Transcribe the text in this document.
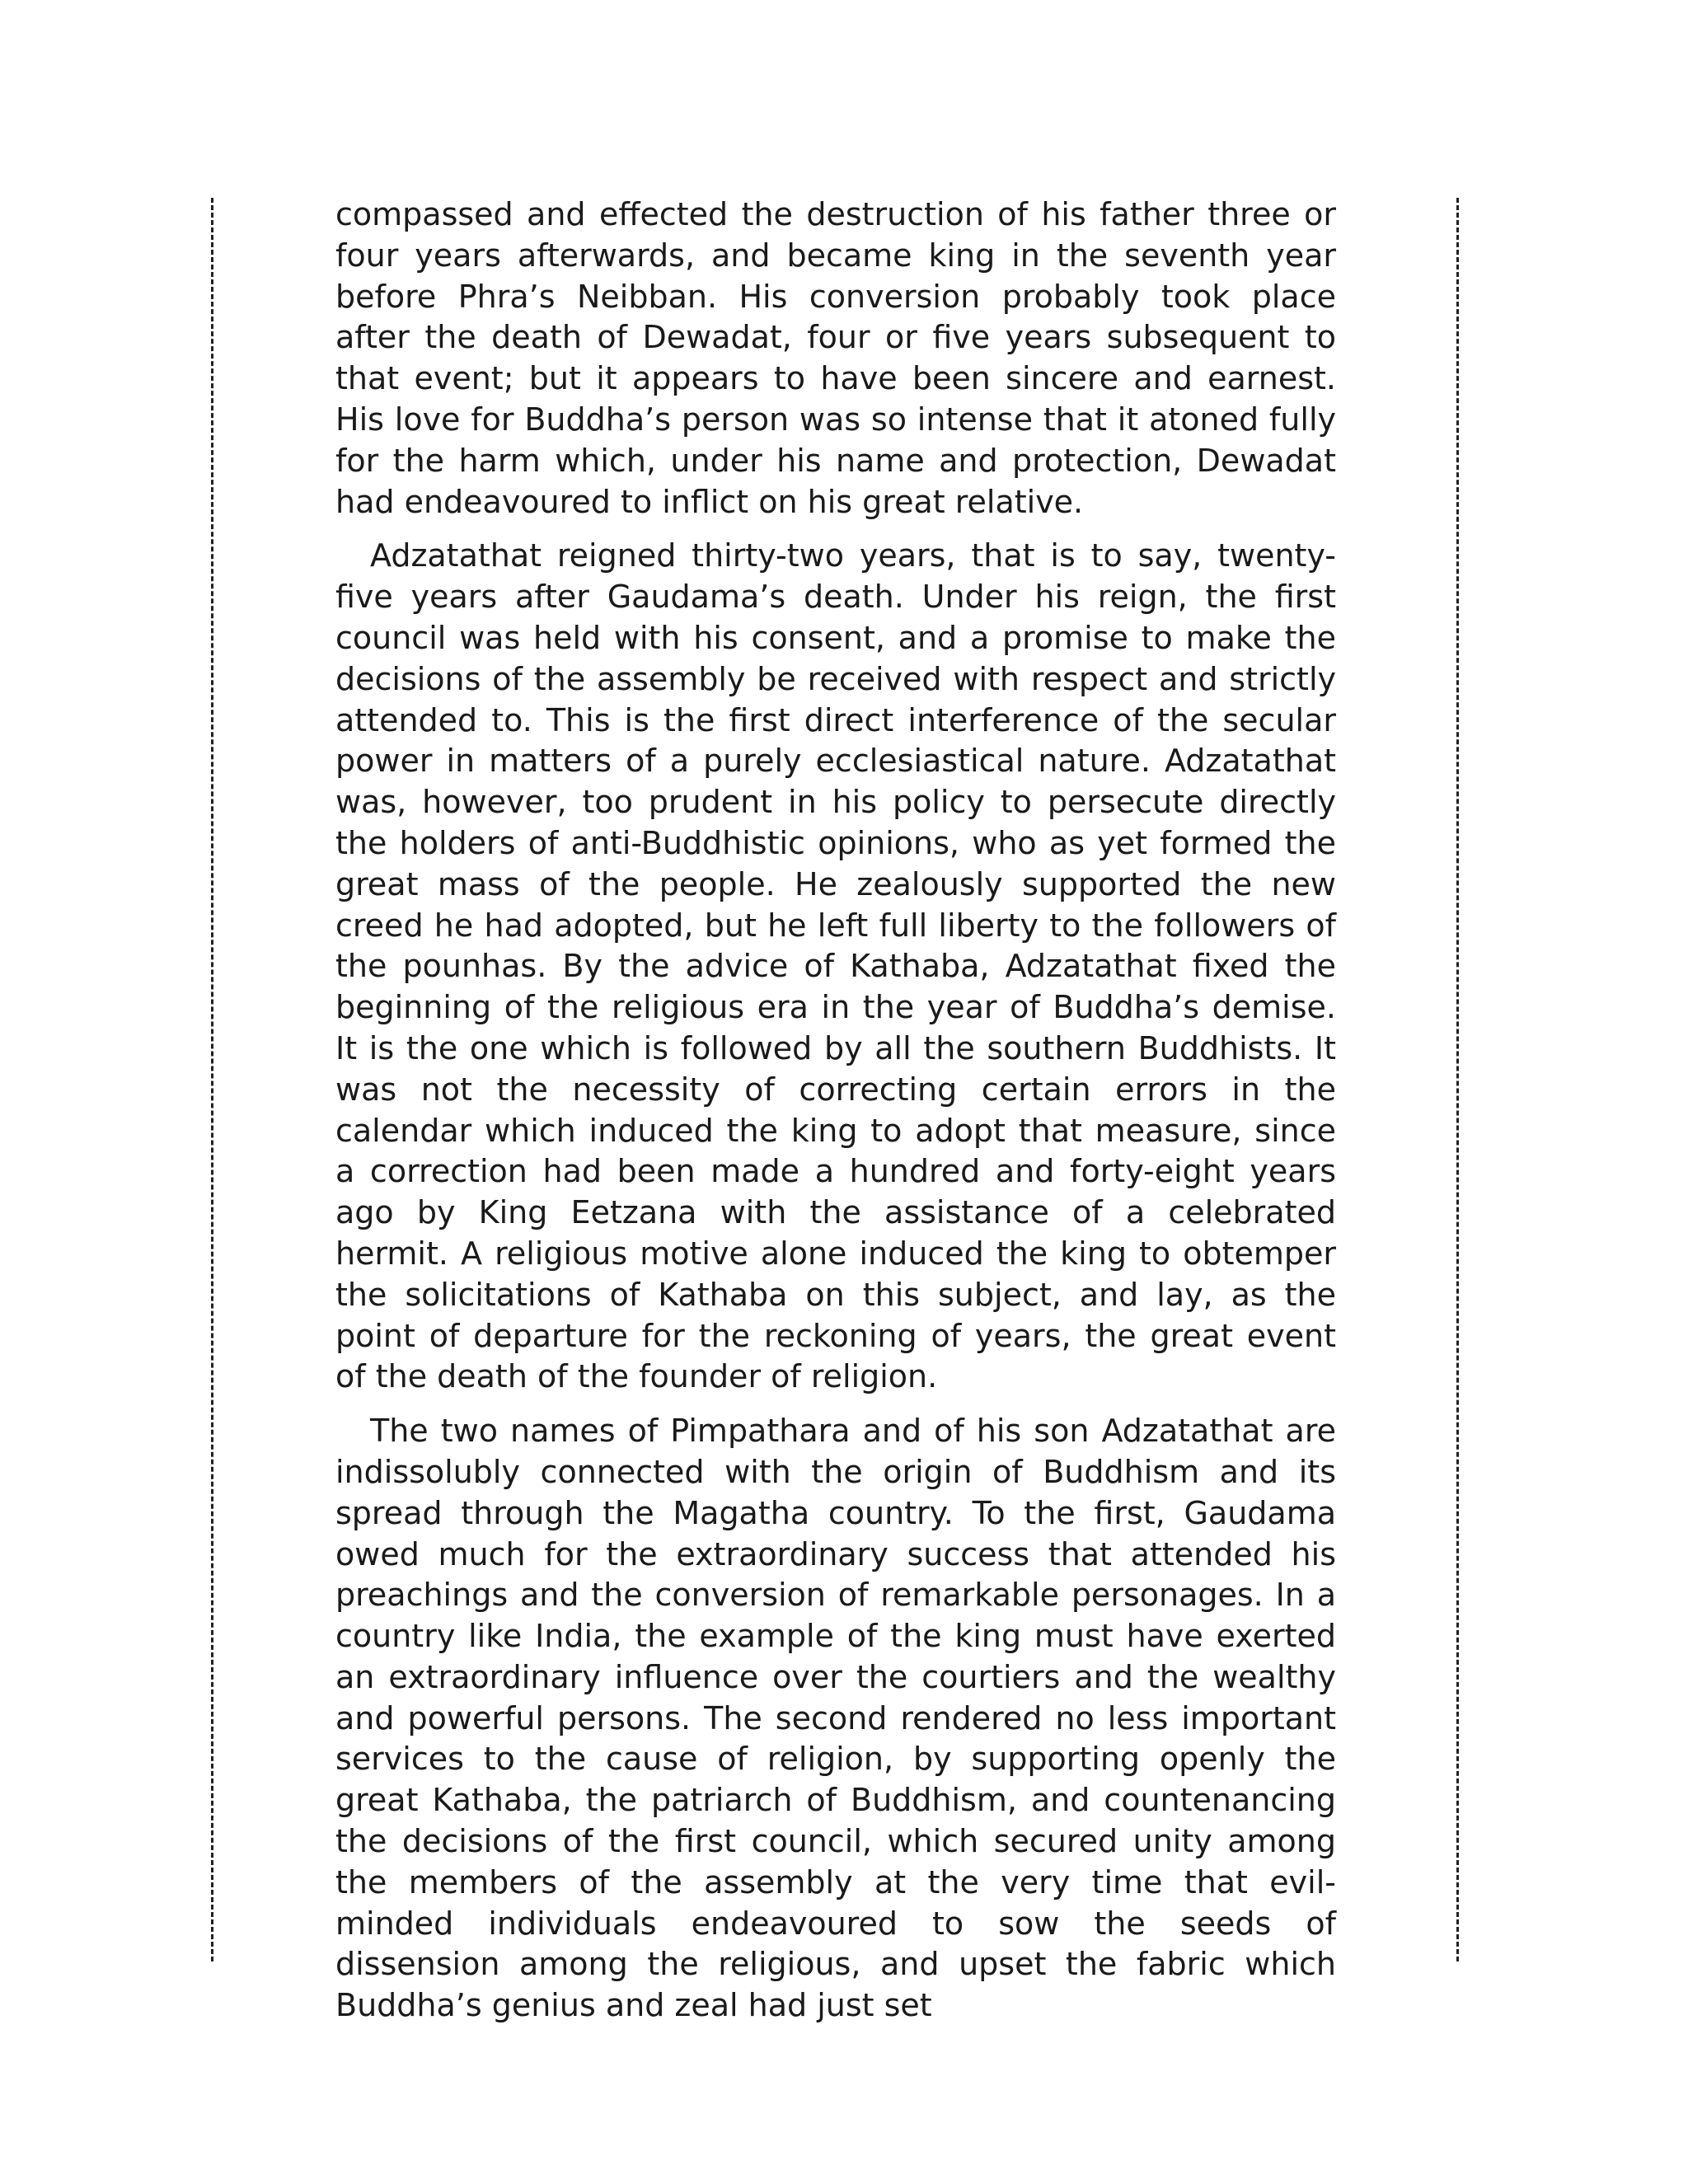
compassed and effected the destruction of his father three or four years afterwards, and became king in the seventh year before Phra’s Neibban. His conversion probably took place after the death of Dewadat, four or five years subsequent to that event; but it appears to have been sincere and earnest. His love for Buddha’s person was so intense that it atoned fully for the harm which, under his name and protection, Dewadat had endeavoured to inflict on his great relative.

Adzatathat reigned thirty-two years, that is to say, twenty-five years after Gaudama’s death. Under his reign, the first council was held with his consent, and a promise to make the decisions of the assembly be received with respect and strictly attended to. This is the first direct interference of the secular power in matters of a purely ecclesiastical nature. Adzatathat was, however, too prudent in his policy to persecute directly the holders of anti-Buddhistic opinions, who as yet formed the great mass of the people. He zealously supported the new creed he had adopted, but he left full liberty to the followers of the pounhas. By the advice of Kathaba, Adzatathat fixed the beginning of the religious era in the year of Buddha’s demise. It is the one which is followed by all the southern Buddhists. It was not the necessity of correcting certain errors in the calendar which induced the king to adopt that measure, since a correction had been made a hundred and forty-eight years ago by King Eetzana with the assistance of a celebrated hermit. A religious motive alone induced the king to obtemper the solicitations of Kathaba on this subject, and lay, as the point of departure for the reckoning of years, the great event of the death of the founder of religion.

The two names of Pimpathara and of his son Adzatathat are indissolubly connected with the origin of Buddhism and its spread through the Magatha country. To the first, Gaudama owed much for the extraordinary success that attended his preachings and the conversion of remarkable personages. In a country like India, the example of the king must have exerted an extraordinary influence over the courtiers and the wealthy and powerful persons. The second rendered no less important services to the cause of religion, by supporting openly the great Kathaba, the patriarch of Buddhism, and countenancing the decisions of the first council, which secured unity among the members of the assembly at the very time that evil-minded individuals endeavoured to sow the seeds of dissension among the religious, and upset the fabric which Buddha’s genius and zeal had just set
